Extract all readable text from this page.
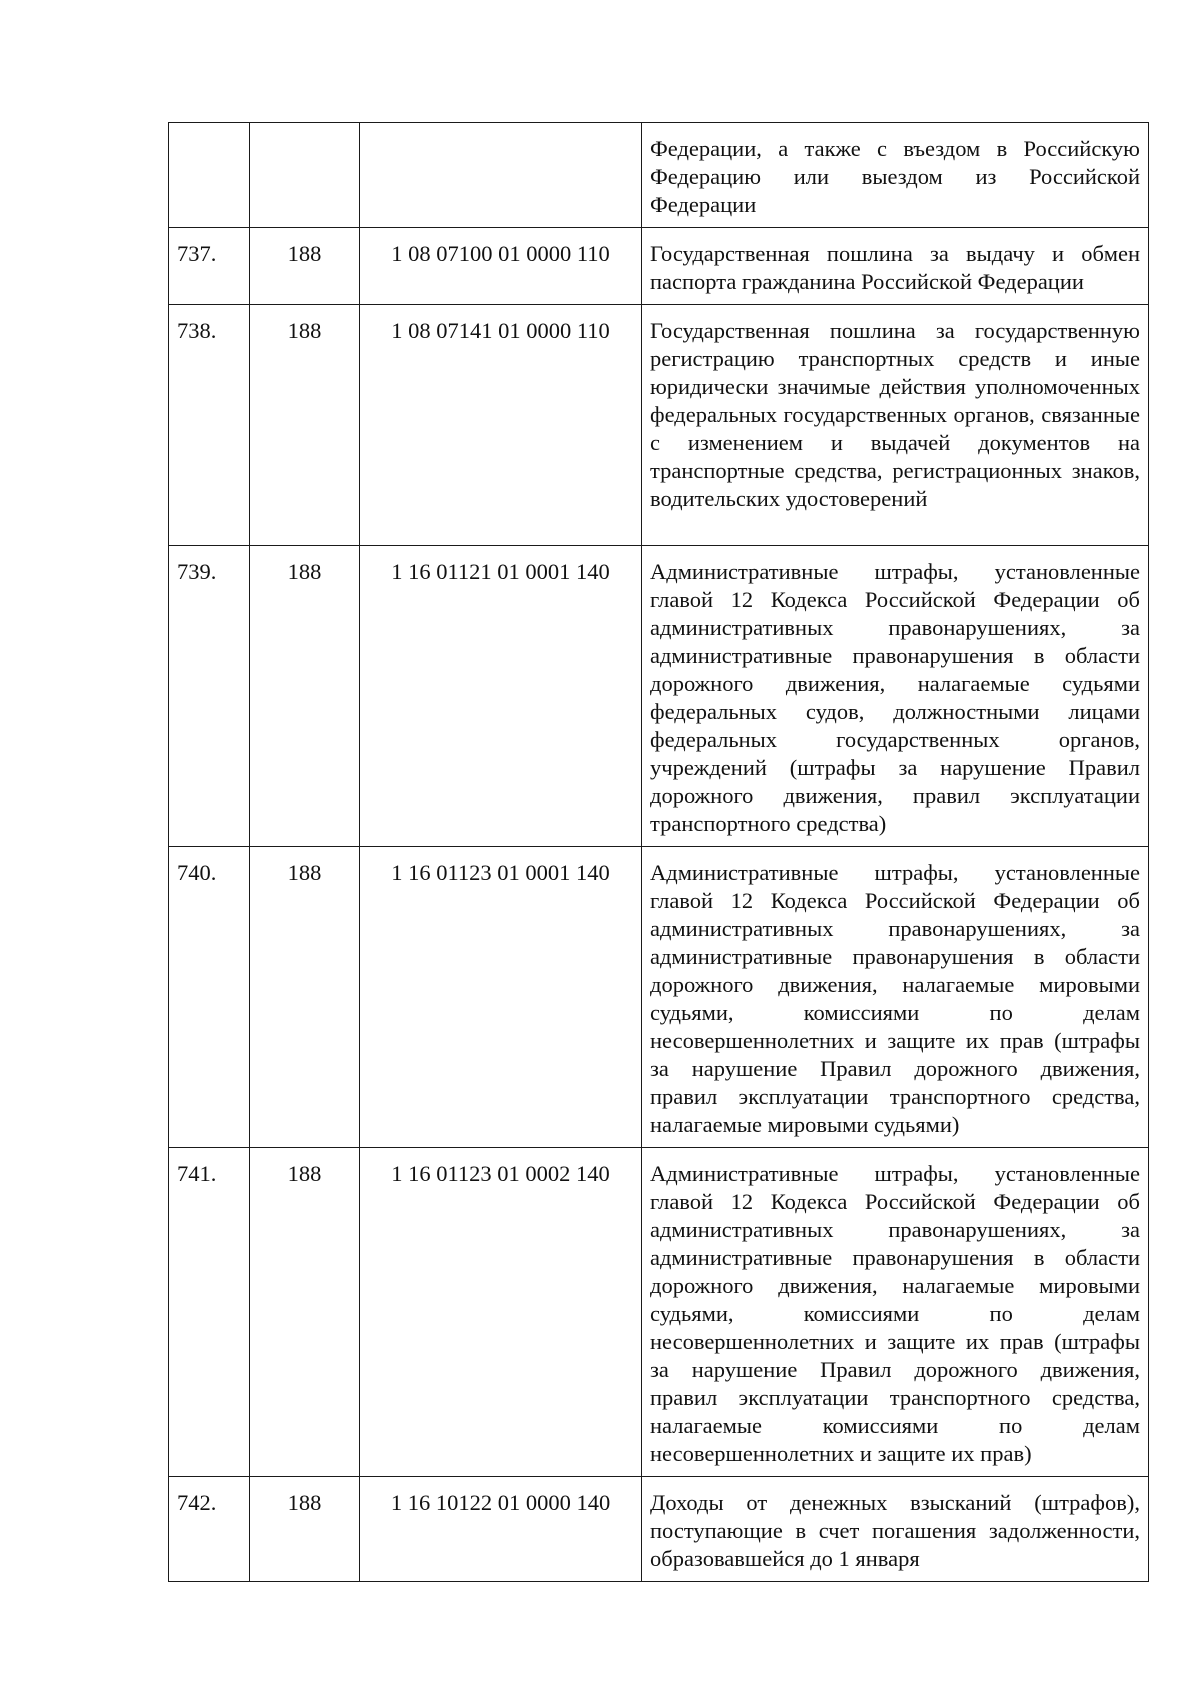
			Федерации, а также с въездом в Российскую Федерацию или выездом из Российской Федерации
737.	188	1 08 07100 01 0000 110	Государственная пошлина за выдачу и обмен паспорта гражданина Российской Федерации
738.	188	1 08 07141 01 0000 110	Государственная пошлина за государственную регистрацию транспортных средств и иные юридически значимые действия уполномоченных федеральных государственных органов, связанные с изменением и выдачей документов на транспортные средства, регистрационных знаков, водительских удостоверений
739.	188	1 16 01121 01 0001 140	Административные штрафы, установленные главой 12 Кодекса Российской Федерации об административных правонарушениях, за административные правонарушения в области дорожного движения, налагаемые судьями федеральных судов, должностными лицами федеральных государственных органов, учреждений (штрафы за нарушение Правил дорожного движения, правил эксплуатации транспортного средства)
740.	188	1 16 01123 01 0001 140	Административные штрафы, установленные главой 12 Кодекса Российской Федерации об административных правонарушениях, за административные правонарушения в области дорожного движения, налагаемые мировыми судьями, комиссиями по делам несовершеннолетних и защите их прав (штрафы за нарушение Правил дорожного движения, правил эксплуатации транспортного средства, налагаемые мировыми судьями)
741.	188	1 16 01123 01 0002 140	Административные штрафы, установленные главой 12 Кодекса Российской Федерации об административных правонарушениях, за административные правонарушения в области дорожного движения, налагаемые мировыми судьями, комиссиями по делам несовершеннолетних и защите их прав (штрафы за нарушение Правил дорожного движения, правил эксплуатации транспортного средства, налагаемые комиссиями по делам несовершеннолетних и защите их прав)
742.	188	1 16 10122 01 0000 140	Доходы от денежных взысканий (штрафов), поступающие в счет погашения задолженности, образовавшейся до 1 января
